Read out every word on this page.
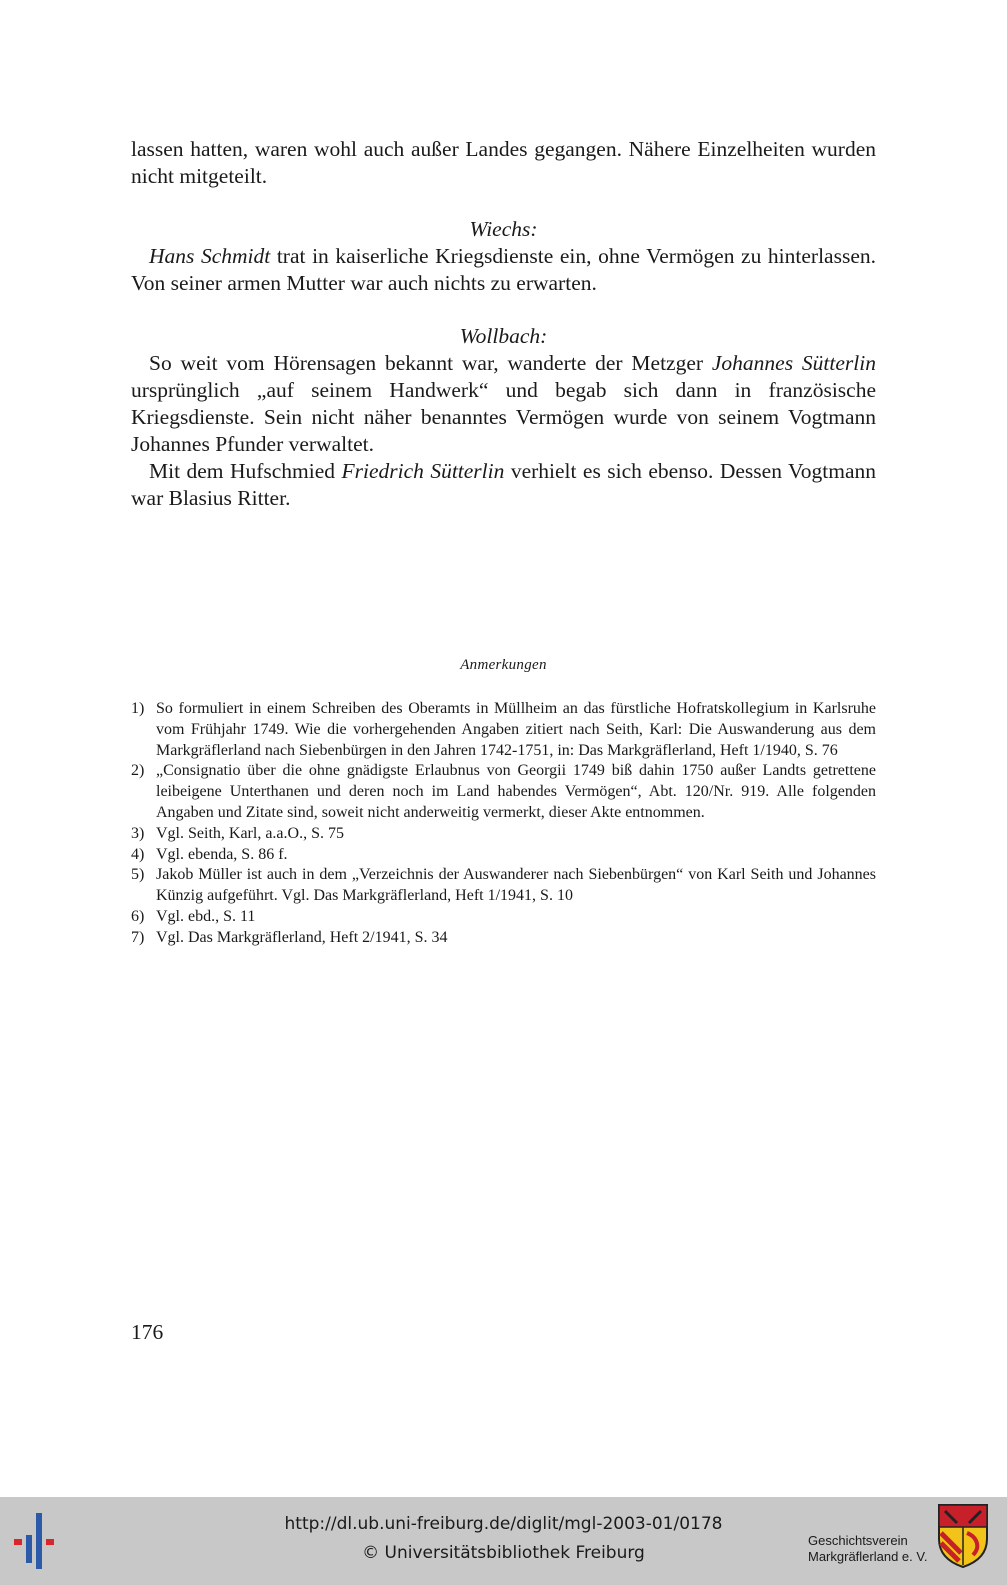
lassen hatten, waren wohl auch außer Landes gegangen. Nähere Einzelheiten wurden nicht mitgeteilt.

Wiechs:

Hans Schmidt trat in kaiserliche Kriegsdienste ein, ohne Vermögen zu hinterlassen. Von seiner armen Mutter war auch nichts zu erwarten.

Wollbach:

So weit vom Hörensagen bekannt war, wanderte der Metzger Johannes Sütterlin ursprünglich „auf seinem Handwerk“ und begab sich dann in französische Kriegsdienste. Sein nicht näher benanntes Vermögen wurde von seinem Vogtmann Johannes Pfunder verwaltet.

Mit dem Hufschmied Friedrich Sütterlin verhielt es sich ebenso. Dessen Vogtmann war Blasius Ritter.

Anmerkungen

1) So formuliert in einem Schreiben des Oberamts in Müllheim an das fürstliche Hofratskollegium in Karlsruhe vom Frühjahr 1749. Wie die vorhergehenden Angaben zitiert nach Seith, Karl: Die Auswanderung aus dem Markgräflerland nach Siebenbürgen in den Jahren 1742-1751, in: Das Markgräflerland, Heft 1/1940, S. 76
2) „Consignatio über die ohne gnädigste Erlaubnus von Georgii 1749 biß dahin 1750 außer Landts getrettene leibeigene Unterthanen und deren noch im Land habendes Vermögen“, Abt. 120/Nr. 919. Alle folgenden Angaben und Zitate sind, soweit nicht anderweitig vermerkt, dieser Akte entnommen.
3) Vgl. Seith, Karl, a.a.O., S. 75
4) Vgl. ebenda, S. 86 f.
5) Jakob Müller ist auch in dem „Verzeichnis der Auswanderer nach Siebenbürgen“ von Karl Seith und Johannes Künzig aufgeführt. Vgl. Das Markgräflerland, Heft 1/1941, S. 10
6) Vgl. ebd., S. 11
7) Vgl. Das Markgräflerland, Heft 2/1941, S. 34

176

http://dl.ub.uni-freiburg.de/diglit/mgl-2003-01/0178
© Universitätsbibliothek Freiburg
Geschichtsverein
Markgräflerland e. V.
